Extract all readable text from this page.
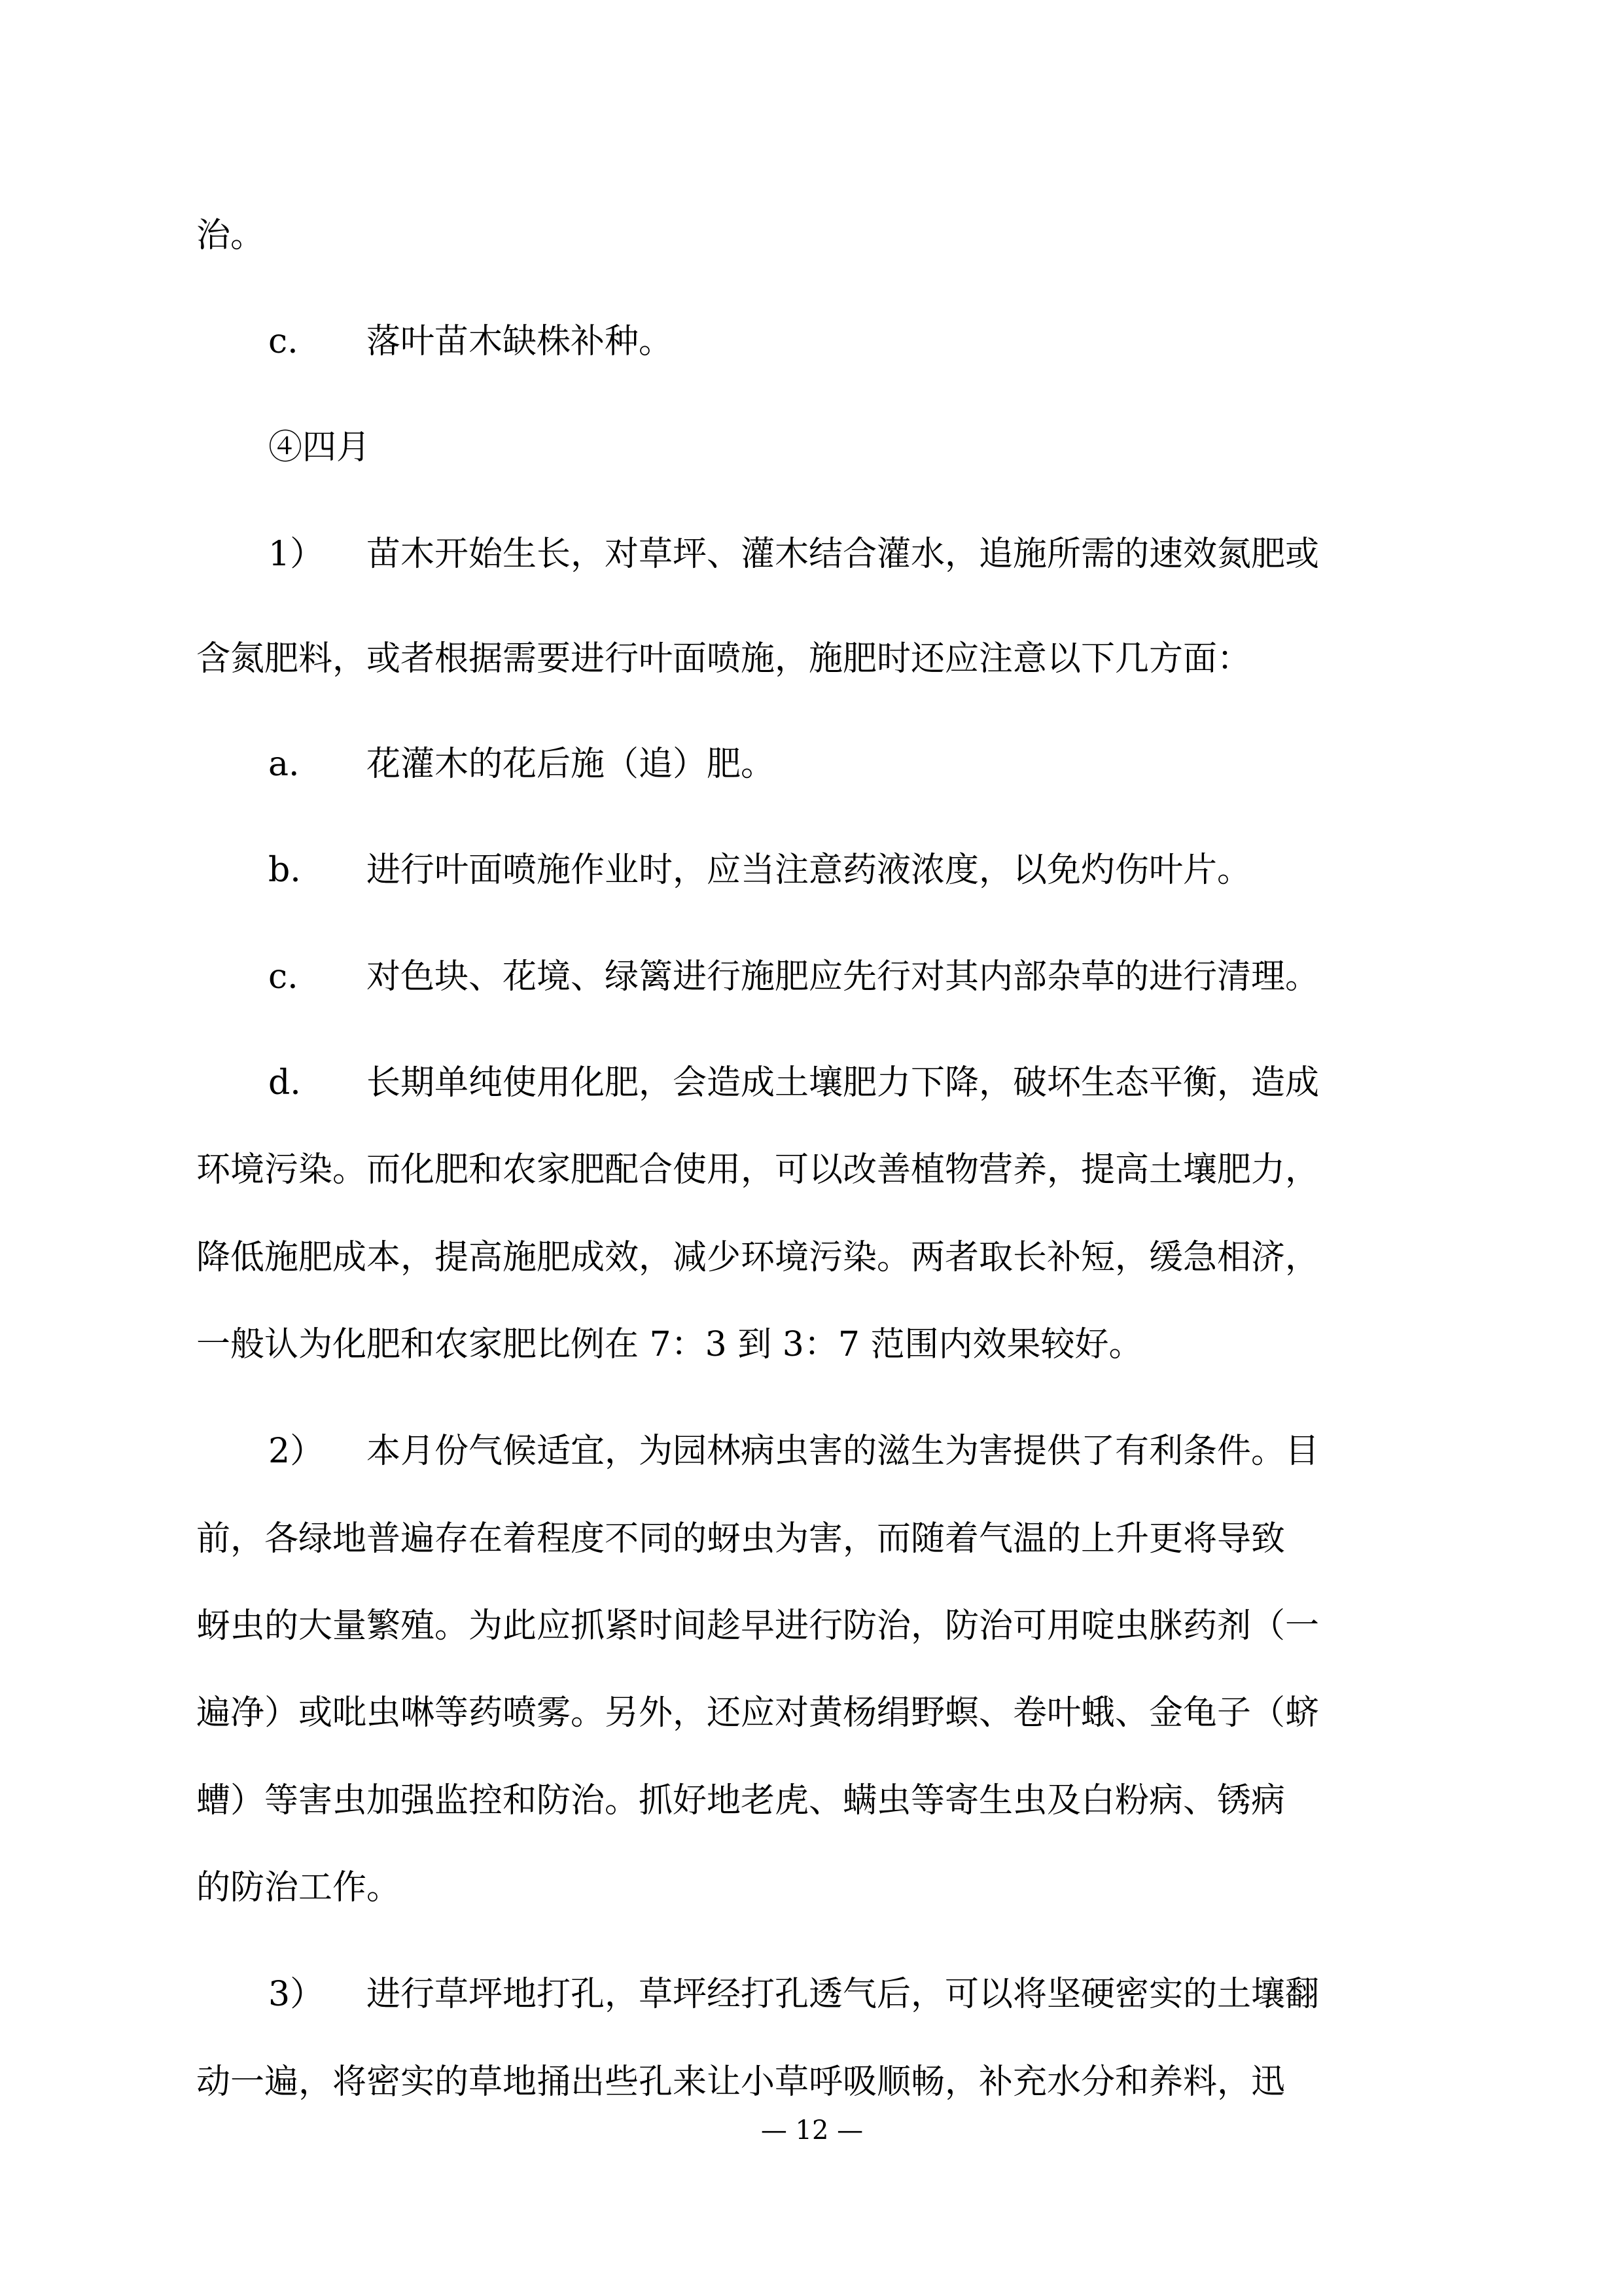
治。
c. 落叶苗木缺株补种。
④四月
1） 苗木开始生长，对草坪、灌木结合灌水，追施所需的速效氮肥或
含氮肥料，或者根据需要进行叶面喷施，施肥时还应注意以下几方面：
a. 花灌木的花后施（追）肥。
b. 进行叶面喷施作业时，应当注意药液浓度，以免灼伤叶片。
c. 对色块、花境、绿篱进行施肥应先行对其内部杂草的进行清理。
d. 长期单纯使用化肥，会造成土壤肥力下降，破坏生态平衡，造成
环境污染。而化肥和农家肥配合使用，可以改善植物营养，提高土壤肥力，
降低施肥成本，提高施肥成效，减少环境污染。两者取长补短，缓急相济，
一般认为化肥和农家肥比例在 7：3 到 3：7 范围内效果较好。
2） 本月份气候适宜，为园林病虫害的滋生为害提供了有利条件。目
前，各绿地普遍存在着程度不同的蚜虫为害，而随着气温的上升更将导致
蚜虫的大量繁殖。为此应抓紧时间趁早进行防治，防治可用啶虫脒药剂（一
遍净）或吡虫啉等药喷雾。另外，还应对黄杨绢野螟、卷叶蛾、金龟子（蛴
螬）等害虫加强监控和防治。抓好地老虎、螨虫等寄生虫及白粉病、锈病
的防治工作。
3） 进行草坪地打孔，草坪经打孔透气后，可以将坚硬密实的土壤翻
动一遍，将密实的草地捅出些孔来让小草呼吸顺畅，补充水分和养料，迅
— 12 —
